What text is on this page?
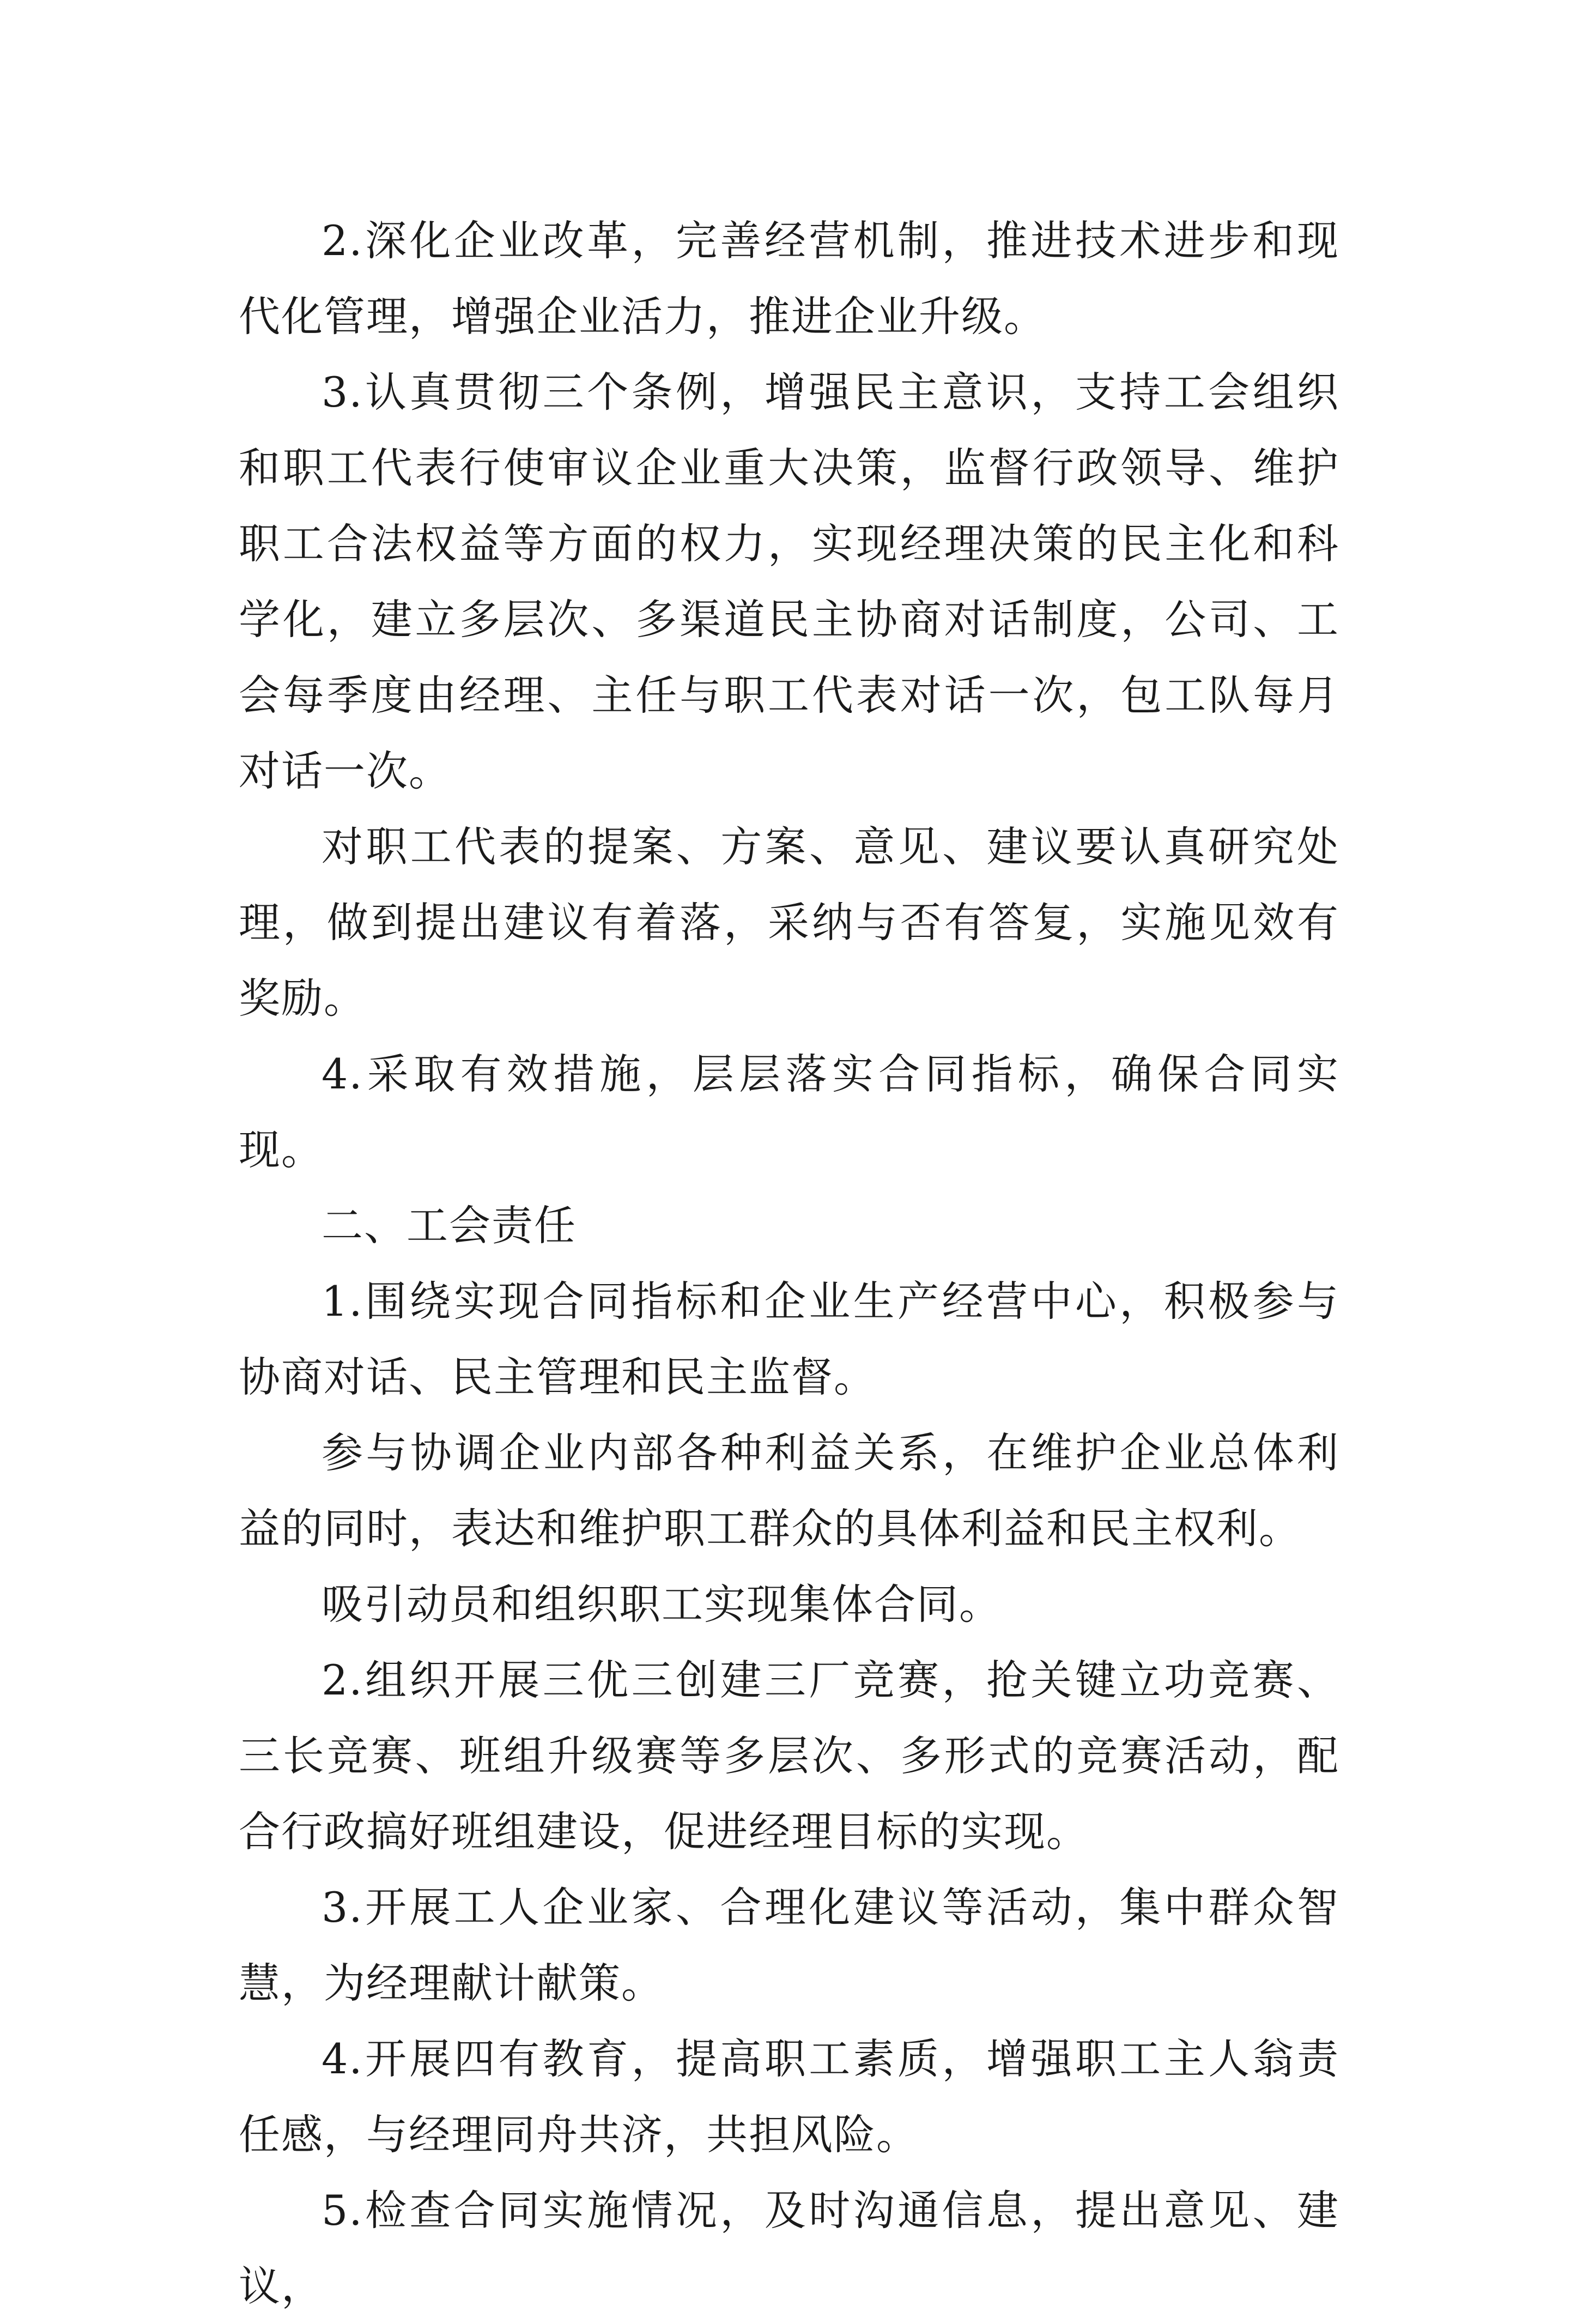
2.深化企业改革，完善经营机制，推进技术进步和现代化管理，增强企业活力，推进企业升级。

3.认真贯彻三个条例，增强民主意识，支持工会组织和职工代表行使审议企业重大决策，监督行政领导、维护职工合法权益等方面的权力，实现经理决策的民主化和科学化，建立多层次、多渠道民主协商对话制度，公司、工会每季度由经理、主任与职工代表对话一次，包工队每月对话一次。

对职工代表的提案、方案、意见、建议要认真研究处理，做到提出建议有着落，采纳与否有答复，实施见效有奖励。

4.采取有效措施，层层落实合同指标，确保合同实现。

二、工会责任

1.围绕实现合同指标和企业生产经营中心，积极参与协商对话、民主管理和民主监督。

参与协调企业内部各种利益关系，在维护企业总体利益的同时，表达和维护职工群众的具体利益和民主权利。

吸引动员和组织职工实现集体合同。

2.组织开展三优三创建三厂竞赛，抢关键立功竞赛、三长竞赛、班组升级赛等多层次、多形式的竞赛活动，配合行政搞好班组建设，促进经理目标的实现。

3.开展工人企业家、合理化建议等活动，集中群众智慧，为经理献计献策。

4.开展四有教育，提高职工素质，增强职工主人翁责任感，与经理同舟共济，共担风险。

5.检查合同实施情况，及时沟通信息，提出意见、建议，
